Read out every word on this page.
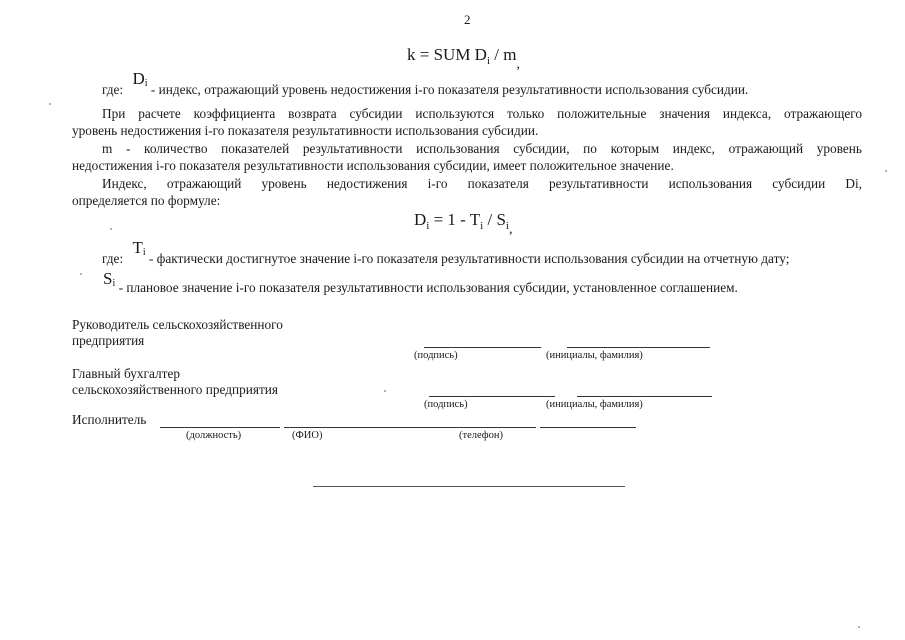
2
k = SUM $D_i / m_,$
где: $D^i$ - индекс, отражающий уровень недостижения i-го показателя результативности использования субсидии.
При расчете коэффициента возврата субсидии используются только положительные значения индекса, отражающего
уровень недостижения i-го показателя результативности использования субсидии.
m - количество показателей результативности использования субсидии, по которым индекс, отражающий уровень
недостижения i-го показателя результативности использования субсидии, имеет положительное значение.
Индекс, отражающий уровень недостижения i-го показателя результативности использования субсидии Di,
определяется по формуле:
$D_i = 1 - T_i / S_{i,}$
где: Ti - фактически достигнутое значение i-го показателя результативности использования субсидии на отчетную дату;
Si - плановое значение i-го показателя результативности использования субсидии, установленное соглашением.
Руководитель сельскохозяйственного
предприятия
(подпись)	(инициалы, фамилия)
Главный бухгалтер
сельскохозяйственного предприятия
(подпись)	(инициалы, фамилия)
Исполнитель
(должность)	(ФИО)	(телефон)
